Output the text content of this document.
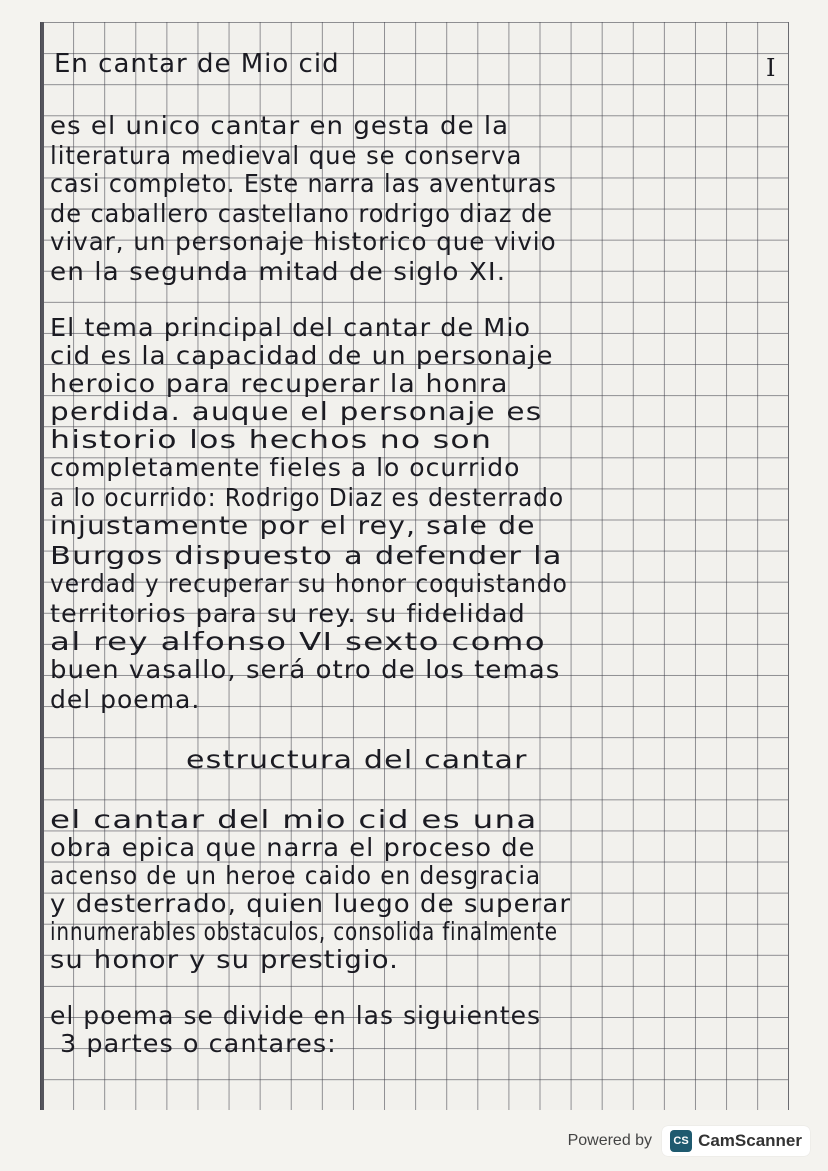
I
En cantar de Mio cid
es el unico cantar en gesta de la
literatura medieval que se conserva
casi completo. Este narra las aventuras
de caballero castellano rodrigo diaz de
vivar, un personaje historico que vivio
en la segunda mitad de siglo XI.
El tema principal del cantar de Mio
cid es la capacidad de un personaje
heroico para recuperar la honra
perdida. auque el personaje es
historio los hechos no son
completamente fieles a lo ocurrido
a lo ocurrido: Rodrigo Diaz es desterrado
injustamente por el rey, sale de
Burgos dispuesto a defender la
verdad y recuperar su honor coquistando
territorios para su rey. su fidelidad
al rey alfonso VI sexto como
buen vasallo, será otro de los temas
del poema.
estructura del cantar
el cantar del mio cid es una
obra epica que narra el proceso de
acenso de un heroe caido en desgracia
y desterrado, quien luego de superar
innumerables obstaculos, consolida finalmente
su honor y su prestigio.
el poema se divide en las siguientes
3 partes o cantares:
Powered by	CS CamScanner
